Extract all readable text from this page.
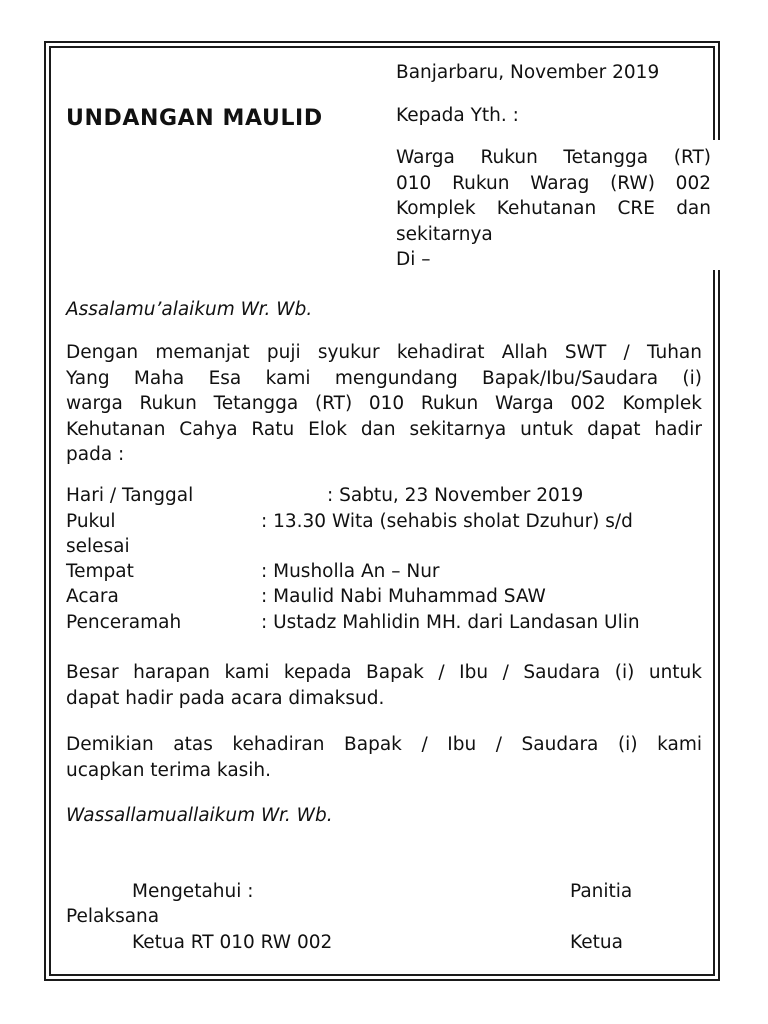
Banjarbaru, November 2019
UNDANGAN MAULID	Kepada Yth. :
Warga Rukun Tetangga (RT)
010 Rukun Warag (RW) 002
Komplek Kehutanan CRE dan
sekitarnya
Di –
Assalamu’alaikum Wr. Wb.
Dengan memanjat puji syukur kehadirat Allah SWT / Tuhan
Yang Maha Esa kami mengundang Bapak/Ibu/Saudara (i)
warga Rukun Tetangga (RT) 010 Rukun Warga 002 Komplek
Kehutanan Cahya Ratu Elok dan sekitarnya untuk dapat hadir
pada :
Hari / Tanggal	: Sabtu, 23 November 2019
Pukul	: 13.30 Wita (sehabis sholat Dzuhur) s/d
selesai
Tempat	: Musholla An – Nur
Acara	: Maulid Nabi Muhammad SAW
Penceramah	: Ustadz Mahlidin MH. dari Landasan Ulin
Besar harapan kami kepada Bapak / Ibu / Saudara (i) untuk
dapat hadir pada acara dimaksud.
Demikian atas kehadiran Bapak / Ibu / Saudara (i) kami
ucapkan terima kasih.
Wassallamuallaikum Wr. Wb.
Mengetahui :	Panitia
Pelaksana
Ketua RT 010 RW 002	Ketua
